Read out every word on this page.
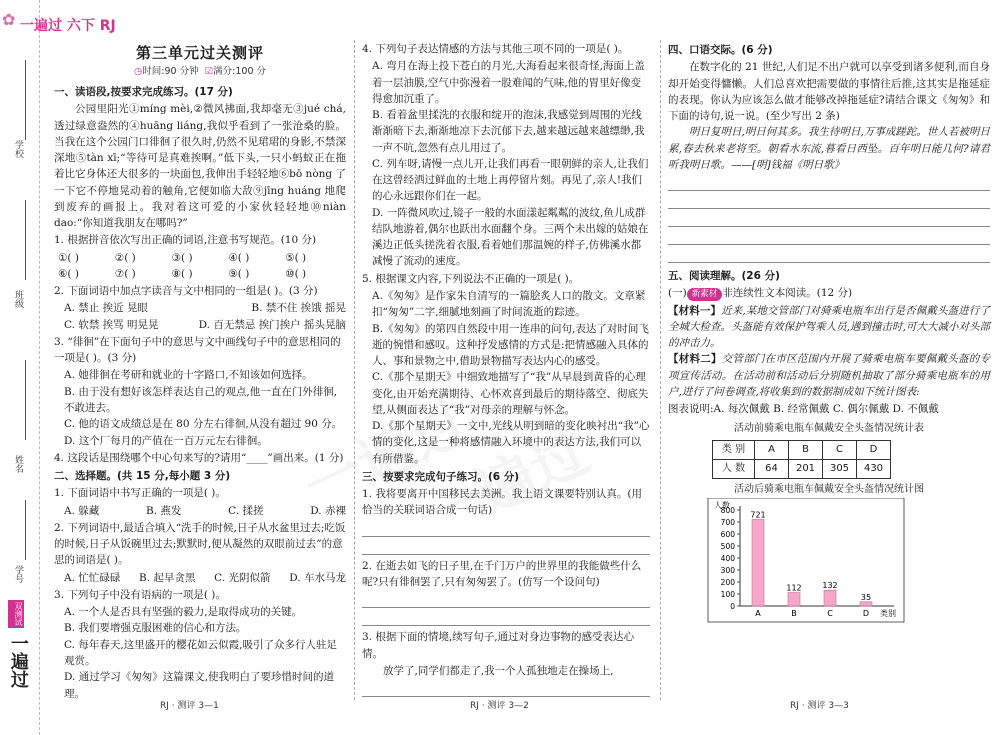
学校
班级
姓名
学号
双测试
一遍过
✿ 一遍过 六下 RJ
第三单元过关测评
◷时间:90 分钟 ☑满分:100 分
一、读语段,按要求完成练习。(17 分)
公园里阳光①míng mèi,②微风拂面,我却毫无③jué chá,透过绿意盎然的④huāng liáng,我似乎看到了一张沧桑的脸。当我在这个公园门口徘徊了很久时,仍然不见珺珺的身影,不禁深深地⑤tàn xī;“等待可是真难挨啊。”低下头,一只小蚂蚁正在拖着比它身体还大很多的一块面包,我伸出手轻轻地⑥bō nòng 了一下它不停地晃动着的触角,它便如临大敌⑨jīng huáng 地爬到废弃的画报上。我对着这可爱的小家伙轻轻地⑩niàn dao:“你知道我朋友在哪吗?”
1. 根据拼音依次写出正确的词语,注意书写规范。(10 分)
①( )	②( )	③( )	④( )	⑤( )
⑥( )	⑦( )	⑧( )	⑨( )	⑩( )
2. 下面词语中加点字读音与文中相同的一组是( )。(3 分)
A. 禁止 挨近 晃眼	B. 禁不住 挨饿 摇晃
C. 软禁 挨骂 明晃晃	D. 百无禁忌 挨门挨户 摇头晃脑
3. “徘徊”在下面句子中的意思与文中画线句子中的意思相同的一项是( )。(3 分)
A. 她徘徊在考研和就业的十字路口,不知该如何选择。
B. 由于没有想好该怎样表达自己的观点,他一直在门外徘徊,不敢进去。
C. 他的语文成绩总是在 80 分左右徘徊,从没有超过 90 分。
D. 这个厂每月的产值在一百万元左右徘徊。
4. 这段话是围绕哪个中心句来写的?请用“____”画出来。(1 分)
二、选择题。(共 15 分,每小题 3 分)
1. 下面词语中书写正确的一项是( )。
A. 躲藏	B. 燕发	C. 揉搓	D. 赤裸
2. 下列词语中,最适合填入“洗手的时候,日子从水盆里过去;吃饭的时候,日子从饭碗里过去;默默时,便从凝然的双眼前过去”的意思的词语是( )。
A. 忙忙碌碌 B. 起早贪黑 C. 光阴似箭 D. 车水马龙
3. 下列句子中没有语病的一项是( )。
A. 一个人是否具有坚强的毅力,是取得成功的关键。
B. 我们要增强克服困难的信心和方法。
C. 每年春天,这里盛开的樱花如云似霞,吸引了众多行人驻足观赏。
D. 通过学习《匆匆》这篇课文,使我明白了要珍惜时间的道理。
4. 下列句子表达情感的方法与其他三项不同的一项是( )。
A. 弯月在海上投下苍白的月光,大海看起来很奇怪,海面上盖着一层油膜,空气中弥漫着一股难闻的气味,他的胃里好像变得愈加沉重了。
B. 看着盆里揉洗的衣服和绽开的泡沫,我感觉到周围的光线渐渐暗下去,渐渐地凉下去沉郁下去,越来越远越来越缥缈,我一声不吭,忽然有点儿用过了。
C. 列车呀,请慢一点儿开,让我们再看一眼朝鲜的亲人,让我们在这曾经洒过鲜血的土地上再停留片刻。再见了,亲人!我们的心永远跟你们在一起。
D. 一阵微风吹过,镜子一般的水面漾起粼粼的波纹,鱼儿成群结队地游着,偶尔也跃出水面翻个身。三两个未出嫁的姑娘在溪边正低头搓洗着衣服,看着她们那温婉的样子,仿佛溪水都减慢了流动的速度。
5. 根据课文内容,下列说法不正确的一项是( )。
A.《匆匆》是作家朱自清写的一篇脍炙人口的散文。文章紧扣“匆匆”二字,细腻地刻画了时间流逝的踪迹。
B.《匆匆》的第四自然段中用一连串的问句,表达了对时间飞逝的惋惜和感叹。这种抒发感情的方式是:把情感融入具体的人、事和景物之中,借助景物描写表达内心的感受。
C.《那个星期天》中细致地描写了“我”从早晨到黄昏的心理变化,由开始充满期待、心怀欢喜到最后的期待落空、彻底失望,从侧面表达了“我”对母亲的理解与怀念。
D.《那个星期天》一文中,光线从明到暗的变化映衬出“我”心情的变化,这是一种将感情融入环境中的表达方法,我们可以有所借鉴。
三、按要求完成句子练习。(6 分)
1. 我将要离开中国移民去美洲。我上语文课要特别认真。(用恰当的关联词语合成一句话)
2. 在逝去如飞的日子里,在千门万户的世界里的我能做些什么呢?只有徘徊罢了,只有匆匆罢了。(仿写一个设问句)
3. 根据下面的情境,续写句子,通过对身边事物的感受表达心情。
放学了,同学们都走了,我一个人孤独地走在操场上,
四、口语交际。(6 分)
在数字化的 21 世纪,人们足不出户就可以享受到诸多便利,而自身却开始变得慵懒。人们总喜欢把需要做的事情往后推,这其实是拖延症的表现。你认为应该怎么做才能够改掉拖延症?请结合课文《匆匆》和下面的诗句,说一说。(至少写出 2 条)
明日复明日,明日何其多。我生待明日,万事成蹉跎。世人若被明日累,春去秋来老将至。朝看水东流,暮看日西坠。百年明日能几何?请君听我明日歌。——[明]钱福《明日歌》
五、阅读理解。(26 分)
(一) 新素材 非连续性文本阅读。(12 分)
【材料一】近来,某地交管部门对骑乘电瓶车出行是否佩戴头盔进行了全城大检查。头盔能有效保护驾乘人员,遇到撞击时,可大大减小对头部的冲击力。
【材料二】交管部门在市区范围内开展了骑乘电瓶车要佩戴头盔的专项宣传活动。在活动前和活动后分别随机抽取了部分骑乘电瓶车的用户,进行了问卷调查,将收集到的数据制成如下统计图表:
图表说明:A. 每次佩戴 B. 经常佩戴 C. 偶尔佩戴 D. 不佩戴
活动前骑乘电瓶车佩戴安全头盔情况统计表
类 别	A	B	C	D
人 数	64	201	305	430
活动后骑乘电瓶车佩戴安全头盔情况统计图
人数
0
100
200
300
400
500
600
700
800 721
A
112
B
132
C
35
D 类别
RJ · 测评 3—1	RJ · 测评 3—2	RJ · 测评 3—3
